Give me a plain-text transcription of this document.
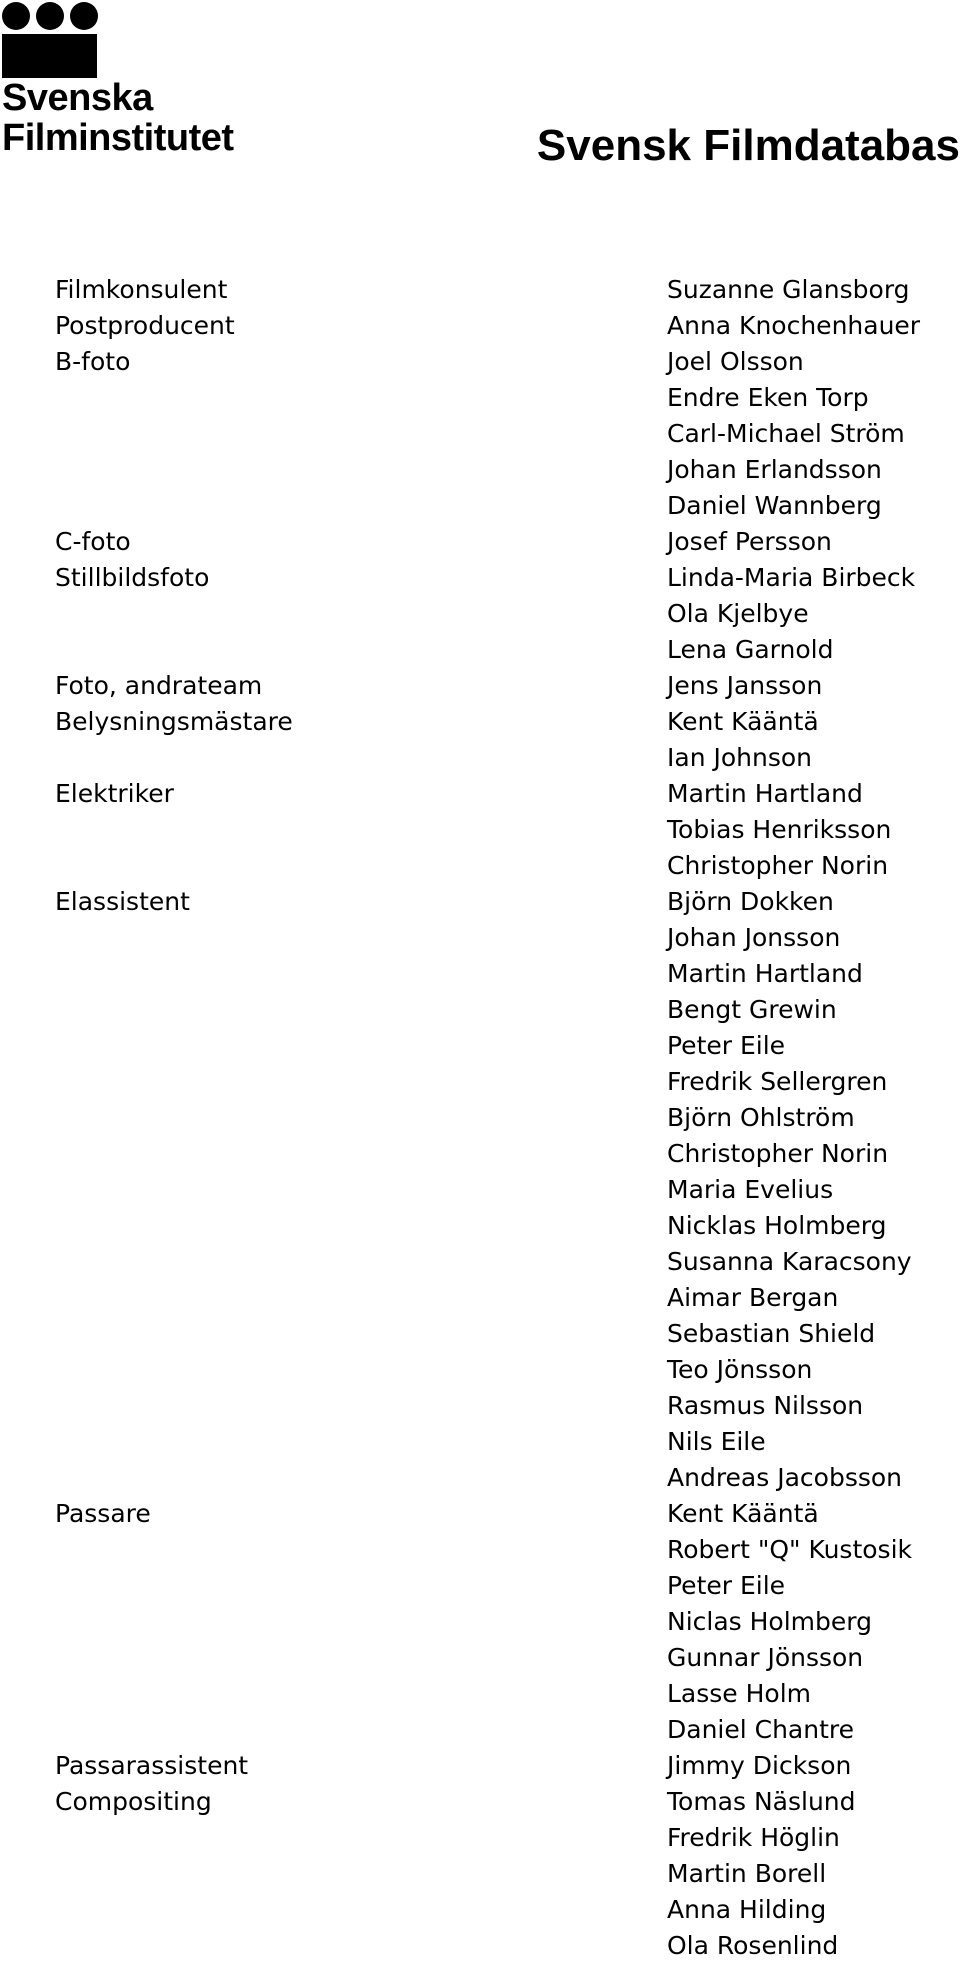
Svenska
Filminstitutet	Svensk Filmdatabas
Filmkonsulent	Suzanne Glansborg
Postproducent	Anna Knochenhauer
B-foto	Joel Olsson
Endre Eken Torp
Carl-Michael Ström
Johan Erlandsson
Daniel Wannberg
C-foto	Josef Persson
Stillbildsfoto	Linda-Maria Birbeck
Ola Kjelbye
Lena Garnold
Foto, andrateam	Jens Jansson
Belysningsmästare	Kent Kääntä
Ian Johnson
Elektriker	Martin Hartland
Tobias Henriksson
Christopher Norin
Elassistent	Björn Dokken
Johan Jonsson
Martin Hartland
Bengt Grewin
Peter Eile
Fredrik Sellergren
Björn Ohlström
Christopher Norin
Maria Evelius
Nicklas Holmberg
Susanna Karacsony
Aimar Bergan
Sebastian Shield
Teo Jönsson
Rasmus Nilsson
Nils Eile
Andreas Jacobsson
Passare	Kent Kääntä
Robert "Q" Kustosik
Peter Eile
Niclas Holmberg
Gunnar Jönsson
Lasse Holm
Daniel Chantre
Passarassistent	Jimmy Dickson
Compositing	Tomas Näslund
Fredrik Höglin
Martin Borell
Anna Hilding
Ola Rosenlind
